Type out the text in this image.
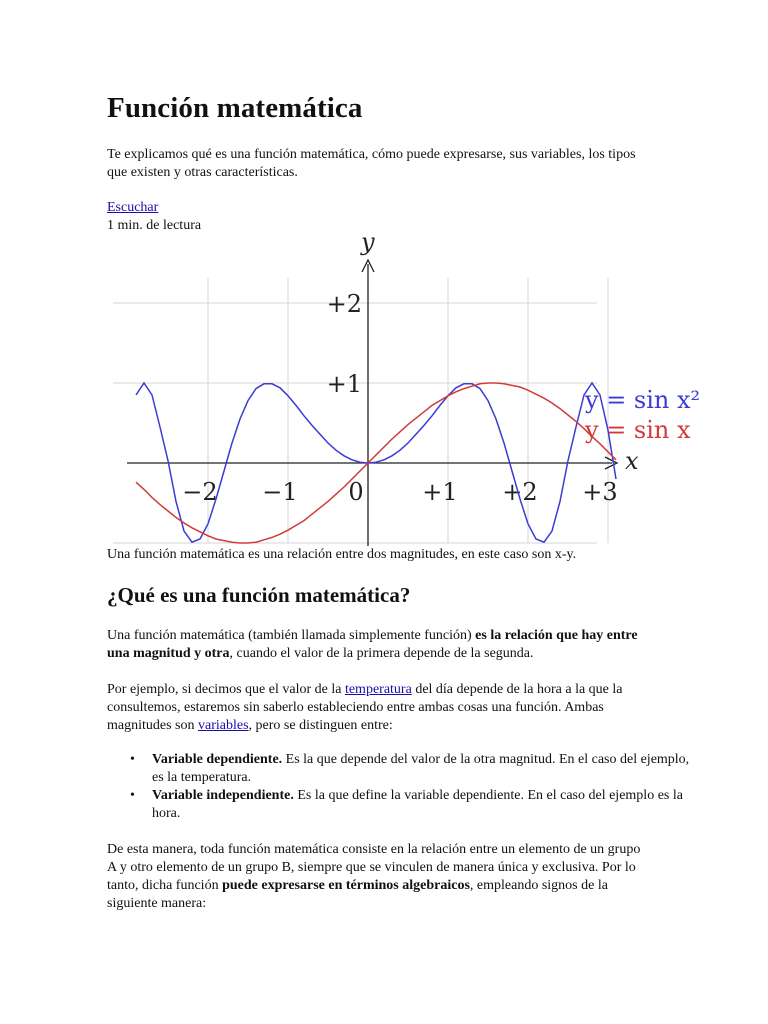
Función matemática

Te explicamos qué es una función matemática, cómo puede expresarse, sus variables, los tipos que existen y otras características.

Escuchar

1 min. de lectura

x
y
−2 −1 0 +1 +2 +3
+1
+2
y = sin x²
y = sin x

Una función matemática es una relación entre dos magnitudes, en este caso son x-y.

¿Qué es una función matemática?

Una función matemática (también llamada simplemente función) es la relación que hay entre una magnitud y otra, cuando el valor de la primera depende de la segunda.

Por ejemplo, si decimos que el valor de la temperatura del día depende de la hora a la que la consultemos, estaremos sin saberlo estableciendo entre ambas cosas una función. Ambas magnitudes son variables, pero se distinguen entre:

• Variable dependiente. Es la que depende del valor de la otra magnitud. En el caso del ejemplo, es la temperatura.
• Variable independiente. Es la que define la variable dependiente. En el caso del ejemplo es la hora.

De esta manera, toda función matemática consiste en la relación entre un elemento de un grupo A y otro elemento de un grupo B, siempre que se vinculen de manera única y exclusiva. Por lo tanto, dicha función puede expresarse en términos algebraicos, empleando signos de la siguiente manera:
